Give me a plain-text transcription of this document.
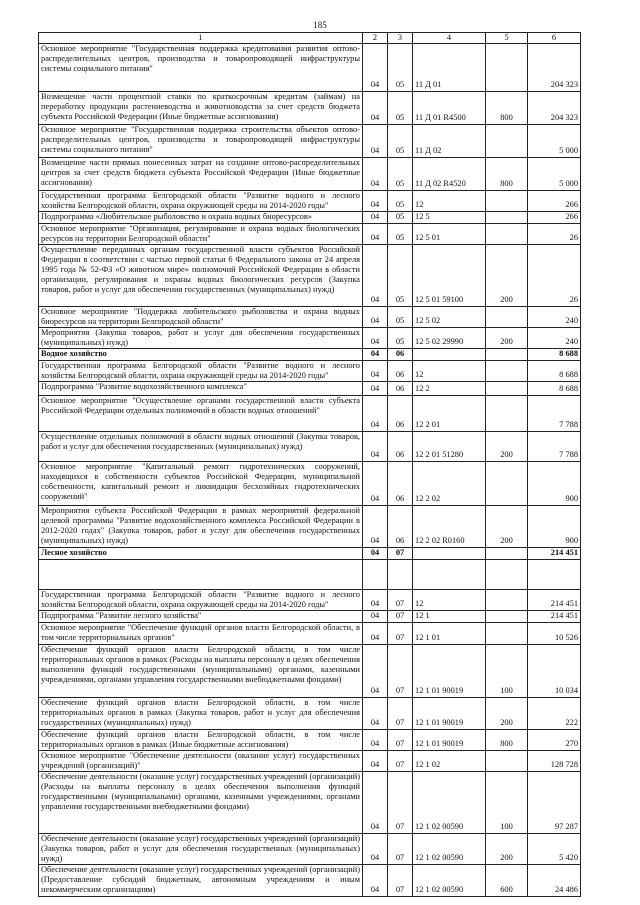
185
1	2	3	4	5	6
Основное мероприятие "Государственная поддержка кредитования развития оптово-распределительных центров, производства и товаропроводящей инфраструктуры системы социального питания"	04	05	11 Д 01		204 323
Возмещение части процентной ставки по краткосрочным кредитам (займам) на переработку продукции растениеводства и животноводства за счет средств бюджета субъекта Российской Федерации (Иные бюджетные ассигнования)	04	05	11 Д 01 R4500	800	204 323
Основное мероприятие "Государственная поддержка строительства объектов оптово-распределительных центров, производства и товаропроводящей инфраструктуры системы социального питания"	04	05	11 Д 02		5 000
Возмещение части прямых понесенных затрат на создание оптово-распределительных центров за счет средств бюджета субъекта Российской Федерации (Иные бюджетные ассигнования)	04	05	11 Д 02 R4520	800	5 000
Государственная программа Белгородской области "Развитие водного и лесного хозяйства Белгородской области, охрана окружающей среды на 2014-2020 годы"	04	05	12		266
Подпрограмма «Любительское рыболовство и охрана водных биоресурсов»	04	05	12 5		266
Основное мероприятие "Организация, регулирование и охрана водных биологических ресурсов на территории Белгородской области"	04	05	12 5 01		26
Осуществление переданных органам государственной власти субъектов Российской Федерации в соответствии с частью первой статьи 6 Федерального закона от 24 апреля 1995 года № 52-ФЗ «О животном мире» полномочий Российской Федерации в области организации, регулирования и охраны водных биологических ресурсов (Закупка товаров, работ и услуг для обеспечения государственных (муниципальных) нужд)	04	05	12 5 01 59100	200	26
Основное мероприятие "Поддержка любительского рыболовства и охрана водных биоресурсов на территории Белгородской области"	04	05	12 5 02		240
Мероприятия (Закупка товаров, работ и услуг для обеспечения государственных (муниципальных) нужд)	04	05	12 5 02 29990	200	240
Водное хозяйство	04	06			8 688
Государственная программа Белгородской области "Развитие водного и лесного хозяйства Белгородской области, охрана окружающей среды на 2014-2020 годы"	04	06	12		8 688
Подпрограмма "Развитие водохозяйственного комплекса"	04	06	12 2		8 688
Основное мероприятие "Осуществление органами государственной власти субъекта Российской Федерации отдельных полномочий в области водных отношений"	04	06	12 2 01		7 788
Осуществление отдельных полномочий в области водных отношений (Закупка товаров, работ и услуг для обеспечения государственных (муниципальных) нужд)	04	06	12 2 01 51280	200	7 788
Основное мероприятие "Капитальный ремонт гидротехнических сооружений, находящихся в собственности субъектов Российской Федерации, муниципальной собственности, капитальный ремонт и ликвидация бесхозяйных гидротехнических сооружений"	04	06	12 2 02		900
Мероприятия субъекта Российской Федерации в рамках мероприятий федеральной целевой программы "Развитие водохозяйственного комплекса Российской Федерации в 2012-2020 годах" (Закупка товаров, работ и услуг для обеспечения государственных (муниципальных) нужд)	04	06	12 2 02 R0160	200	900
Лесное хозяйство	04	07			214 451

Государственная программа Белгородской области "Развитие водного и лесного хозяйства Белгородской области, охрана окружающей среды на 2014-2020 годы"	04	07	12		214 451
Подпрограмма "Развитие лесного хозяйства"	04	07	12 1		214 451
Основное мероприятие "Обеспечение функций органов власти Белгородской области, в том числе территориальных органов"	04	07	12 1 01		10 526
Обеспечение функций органов власти Белгородской области, в том числе территориальных органов в рамках (Расходы на выплаты персоналу в целях обеспечения выполнения функций государственными (муниципальными) органами, казенными учреждениями, органами управления государственными внебюджетными фондами)	04	07	12 1 01 90019	100	10 034
Обеспечение функций органов власти Белгородской области, в том числе территориальных органов в рамках (Закупка товаров, работ и услуг для обеспечения государственных (муниципальных) нужд)	04	07	12 1 01 90019	200	222
Обеспечение функций органов власти Белгородской области, в том числе территориальных органов в рамках (Иные бюджетные ассигнования)	04	07	12 1 01 90019	800	270
Основное мероприятие "Обеспечение деятельности (оказание услуг) государственных учреждений (организаций)"	04	07	12 1 02		128 728
Обеспечение деятельности (оказание услуг) государственных учреждений (организаций) (Расходы на выплаты персоналу в целях обеспечения выполнения функций государственными (муниципальными) органами, казенными учреждениями, органами управления государственными внебюджетными фондами)	04	07	12 1 02 00590	100	97 287
Обеспечение деятельности (оказание услуг) государственных учреждений (организаций) (Закупка товаров, работ и услуг для обеспечения государственных (муниципальных) нужд)	04	07	12 1 02 00590	200	5 420
Обеспечение деятельности (оказание услуг) государственных учреждений (организаций) (Предоставление субсидий бюджетным, автономным учреждениям и иным некоммерческим организациям)	04	07	12 1 02 00590	600	24 486
